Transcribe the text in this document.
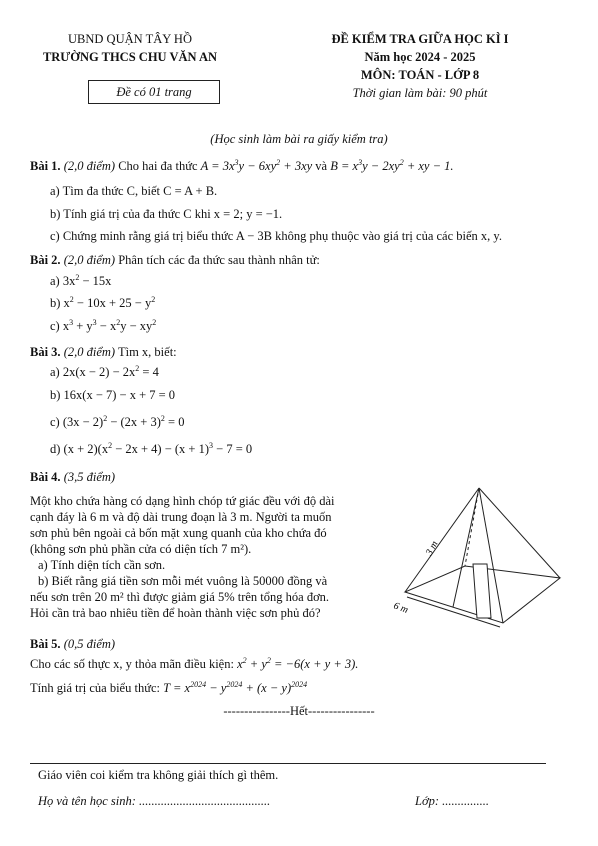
UBND QUẬN TÂY HỒ
TRƯỜNG THCS CHU VĂN AN
Đề có 01 trang
ĐỀ KIỂM TRA GIỮA HỌC KÌ I
Năm học 2024 - 2025
MÔN: TOÁN - LỚP 8
Thời gian làm bài: 90 phút
(Học sinh làm bài ra giấy kiểm tra)
Bài 1. (2,0 điểm) Cho hai đa thức $A = 3x^3y - 6xy^2 + 3xy$ và $B = x^3y - 2xy^2$ + xy − 1.
a) Tìm đa thức C, biết C = A + B.
b) Tính giá trị của đa thức C khi x = 2; y = −1.
c) Chứng minh rằng giá trị biểu thức A − 3B không phụ thuộc vào giá trị của các biến x, y.
Bài 2. (2,0 điểm) Phân tích các đa thức sau thành nhân tử:
a) $3x^2 - 15x$
b) $x^2 - 10x + 25 - y^2$
c) $x^3 + y^3 - x^2y - xy^2$
Bài 3. (2,0 điểm) Tìm x, biết:
a) $2x(x - 2) - 2x^2 = 4$
b) 16x(x − 7) − x + 7 = 0
c) $(3x - 2)^2 - (2x + 3)^2 = 0$
d) $(x + 2)(x^2 - 2x + 4) - (x + 1)^3 - 7 = 0$
Bài 4. (3,5 điểm)
Một kho chứa hàng có dạng hình chóp tứ giác đều với độ dài
cạnh đáy là 6 m và độ dài trung đoạn là 3 m. Người ta muốn
sơn phủ bên ngoài cả bốn mặt xung quanh của kho chứa đó
(không sơn phủ phần cửa có diện tích 7 m²).
a) Tính diện tích cần sơn.
b) Biết rằng giá tiền sơn mỗi mét vuông là 50000 đồng và
nếu sơn trên 20 m² thì được giảm giá 5% trên tổng hóa đơn.
Hỏi cần trả bao nhiêu tiền để hoàn thành việc sơn phủ đó?
3 m
6 m
Bài 5. (0,5 điểm)
Cho các số thực x, y thỏa mãn điều kiện: $x^2 + y^2 = -6(x + y + 3)$.
Tính giá trị của biểu thức: $T = x^{2024} - y^{2024} + (x - y)^{2024}$
----------------Hết----------------
Giáo viên coi kiểm tra không giải thích gì thêm.
Họ và tên học sinh: ..........................................	Lớp: ...............
